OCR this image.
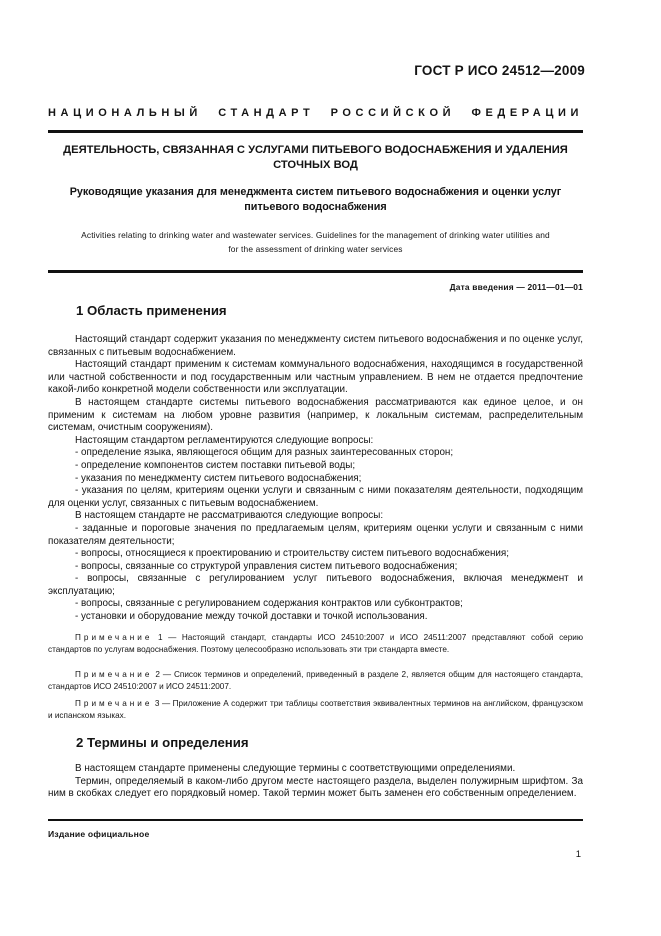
ГОСТ Р ИСО 24512—2009
НАЦИОНАЛЬНЫЙ СТАНДАРТ РОССИЙСКОЙ ФЕДЕРАЦИИ
ДЕЯТЕЛЬНОСТЬ, СВЯЗАННАЯ С УСЛУГАМИ ПИТЬЕВОГО ВОДОСНАБЖЕНИЯ И УДАЛЕНИЯ
СТОЧНЫХ ВОД
Руководящие указания для менеджмента систем питьевого водоснабжения и оценки услуг
питьевого водоснабжения
Activities relating to drinking water and wastewater services. Guidelines for the management of drinking water utilities and
for the assessment of drinking water services
Дата введения — 2011—01—01
1 Область применения

Настоящий стандарт содержит указания по менеджменту систем питьевого водоснабжения и по оценке услуг, связанных с питьевым водоснабжением.

Настоящий стандарт применим к системам коммунального водоснабжения, находящимся в государственной или частной собственности и под государственным или частным управлением. В нем не отдается предпочтение какой-либо конкретной модели собственности или эксплуатации.

В настоящем стандарте системы питьевого водоснабжения рассматриваются как единое целое, и он применим к системам на любом уровне развития (например, к локальным системам, распределительным системам, очистным сооружениям).

Настоящим стандартом регламентируются следующие вопросы:

- определение языка, являющегося общим для разных заинтересованных сторон;

- определение компонентов систем поставки питьевой воды;

- указания по менеджменту систем питьевого водоснабжения;

- указания по целям, критериям оценки услуги и связанным с ними показателям деятельности, подходящим для оценки услуг, связанных с питьевым водоснабжением.

В настоящем стандарте не рассматриваются следующие вопросы:

- заданные и пороговые значения по предлагаемым целям, критериям оценки услуги и связанным с ними показателям деятельности;

- вопросы, относящиеся к проектированию и строительству систем питьевого водоснабжения;

- вопросы, связанные со структурой управления систем питьевого водоснабжения;

- вопросы, связанные с регулированием услуг питьевого водоснабжения, включая менеджмент и эксплуатацию;

- вопросы, связанные с регулированием содержания контрактов или субконтрактов;

- установки и оборудование между точкой доставки и точкой использования.

Примечание 1 — Настоящий стандарт, стандарты ИСО 24510:2007 и ИСО 24511:2007 представляют собой серию стандартов по услугам водоснабжения. Поэтому целесообразно использовать эти три стандарта вместе.

Примечание 2 — Список терминов и определений, приведенный в разделе 2, является общим для настоящего стандарта, стандартов ИСО 24510:2007 и ИСО 24511:2007.

Примечание 3 — Приложение А содержит три таблицы соответствия эквивалентных терминов на английском, французском и испанском языках.

2 Термины и определения

В настоящем стандарте применены следующие термины с соответствующими определениями.

Термин, определяемый в каком-либо другом месте настоящего раздела, выделен полужирным шрифтом. За ним в скобках следует его порядковый номер. Такой термин может быть заменен его собственным определением.

Издание официальное
1
